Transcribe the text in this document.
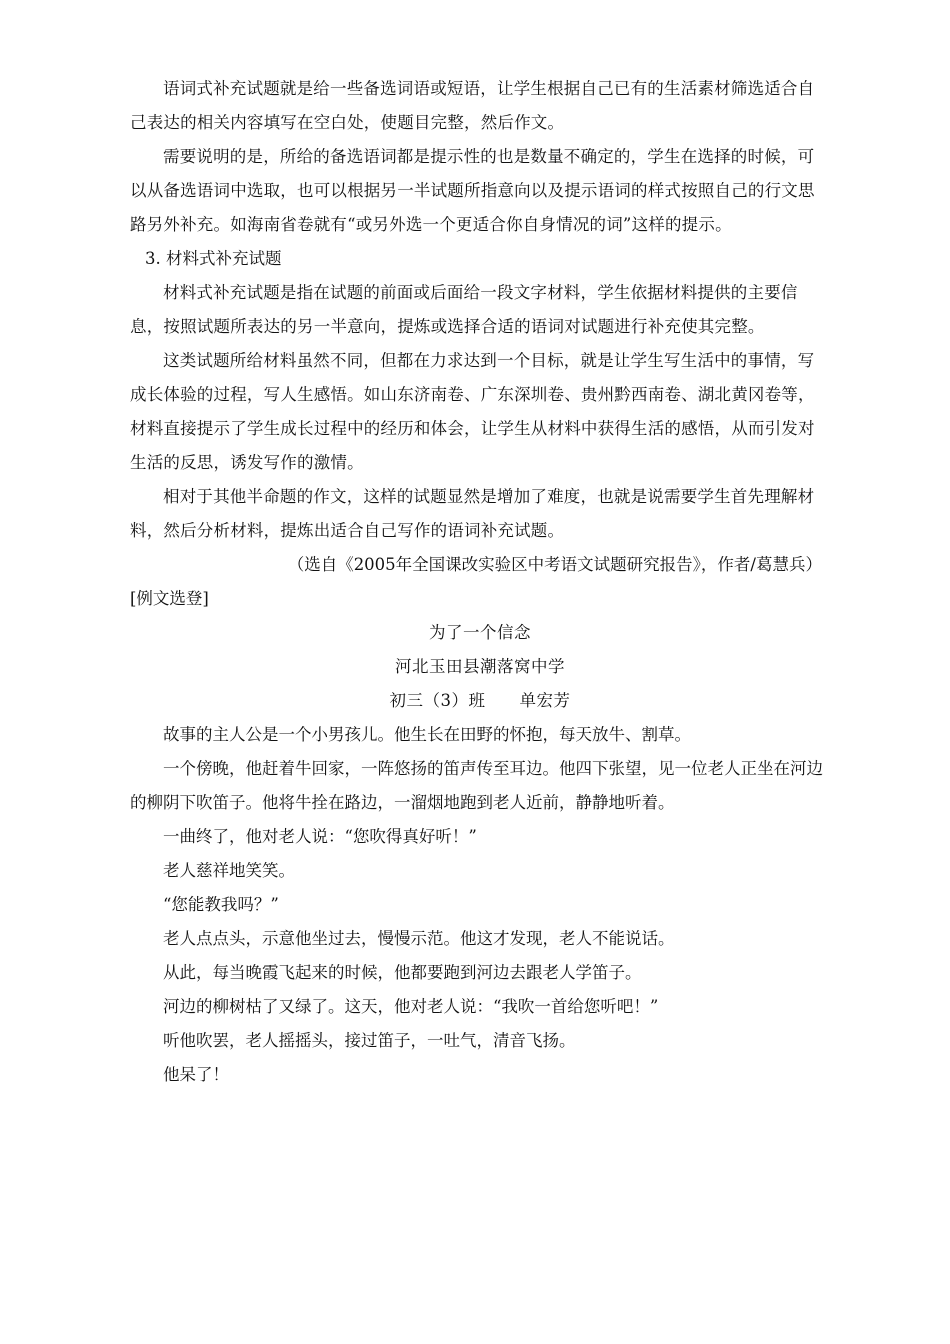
语词式补充试题就是给一些备选词语或短语，让学生根据自己已有的生活素材筛选适合自己表达的相关内容填写在空白处，使题目完整，然后作文。

需要说明的是，所给的备选语词都是提示性的也是数量不确定的，学生在选择的时候，可以从备选语词中选取，也可以根据另一半试题所指意向以及提示语词的样式按照自己的行文思路另外补充。如海南省卷就有“或另外选一个更适合你自身情况的词”这样的提示。

3. 材料式补充试题

材料式补充试题是指在试题的前面或后面给一段文字材料，学生依据材料提供的主要信息，按照试题所表达的另一半意向，提炼或选择合适的语词对试题进行补充使其完整。

这类试题所给材料虽然不同，但都在力求达到一个目标，就是让学生写生活中的事情，写成长体验的过程，写人生感悟。如山东济南卷、广东深圳卷、贵州黔西南卷、湖北黄冈卷等，材料直接提示了学生成长过程中的经历和体会，让学生从材料中获得生活的感悟，从而引发对生活的反思，诱发写作的激情。

相对于其他半命题的作文，这样的试题显然是增加了难度，也就是说需要学生首先理解材料，然后分析材料，提炼出适合自己写作的语词补充试题。

（选自《2005年全国课改实验区中考语文试题研究报告》，作者/葛慧兵）

[例文选登]

为了一个信念

河北玉田县潮落窝中学

初三（3）班　　单宏芳

故事的主人公是一个小男孩儿。他生长在田野的怀抱，每天放牛、割草。

一个傍晚，他赶着牛回家，一阵悠扬的笛声传至耳边。他四下张望，见一位老人正坐在河边的柳阴下吹笛子。他将牛拴在路边，一溜烟地跑到老人近前，静静地听着。

一曲终了，他对老人说：“您吹得真好听！”

老人慈祥地笑笑。

“您能教我吗？”

老人点点头，示意他坐过去，慢慢示范。他这才发现，老人不能说话。

从此，每当晚霞飞起来的时候，他都要跑到河边去跟老人学笛子。

河边的柳树枯了又绿了。这天，他对老人说：“我吹一首给您听吧！”

听他吹罢，老人摇摇头，接过笛子，一吐气，清音飞扬。

他呆了！
